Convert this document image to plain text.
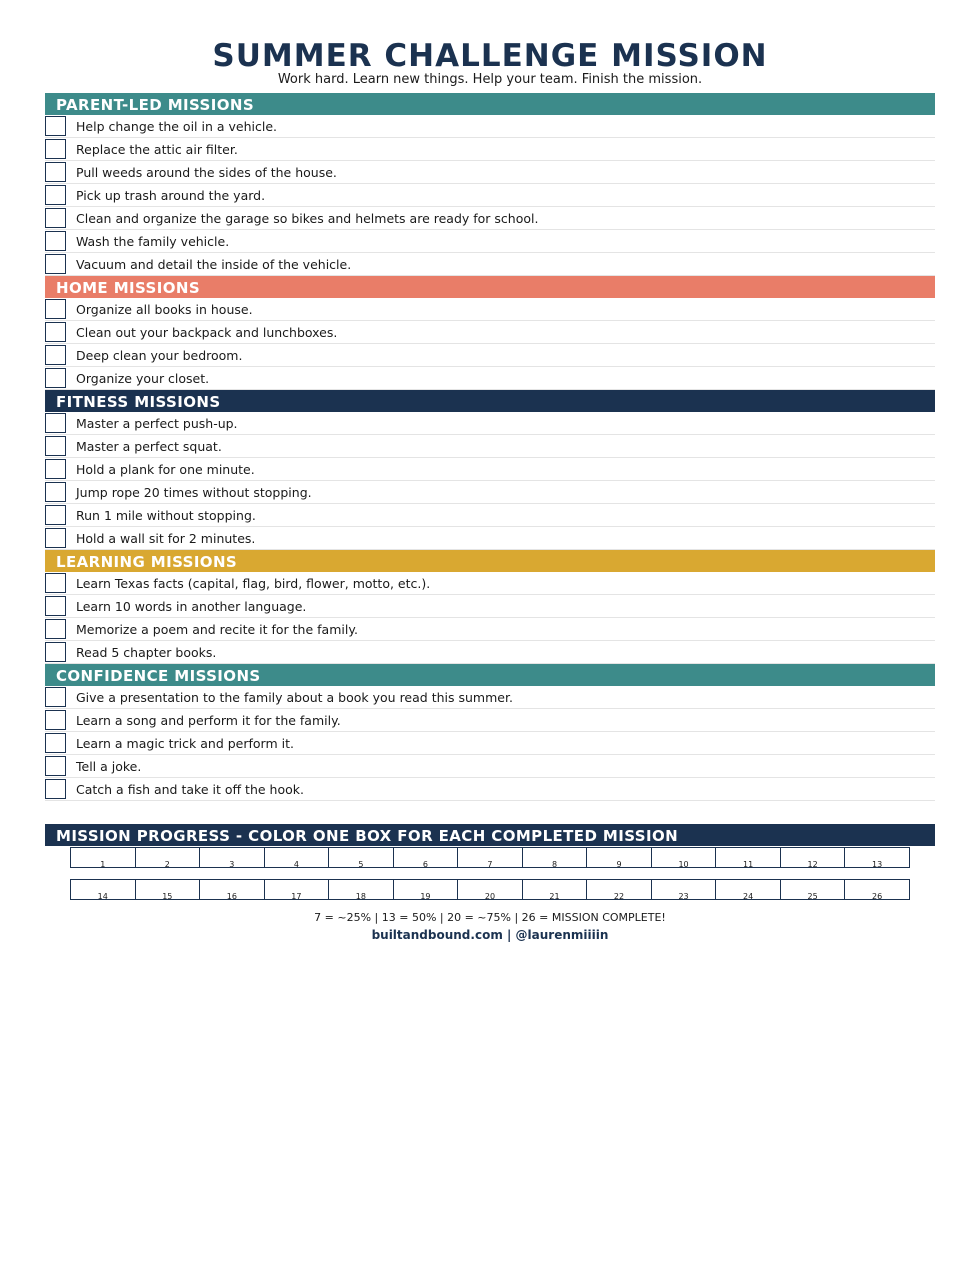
SUMMER CHALLENGE MISSION
Work hard. Learn new things. Help your team. Finish the mission.
PARENT-LED MISSIONS
Help change the oil in a vehicle.
Replace the attic air filter.
Pull weeds around the sides of the house.
Pick up trash around the yard.
Clean and organize the garage so bikes and helmets are ready for school.
Wash the family vehicle.
Vacuum and detail the inside of the vehicle.
HOME MISSIONS
Organize all books in house.
Clean out your backpack and lunchboxes.
Deep clean your bedroom.
Organize your closet.
FITNESS MISSIONS
Master a perfect push-up.
Master a perfect squat.
Hold a plank for one minute.
Jump rope 20 times without stopping.
Run 1 mile without stopping.
Hold a wall sit for 2 minutes.
LEARNING MISSIONS
Learn Texas facts (capital, flag, bird, flower, motto, etc.).
Learn 10 words in another language.
Memorize a poem and recite it for the family.
Read 5 chapter books.
CONFIDENCE MISSIONS
Give a presentation to the family about a book you read this summer.
Learn a song and perform it for the family.
Learn a magic trick and perform it.
Tell a joke.
Catch a fish and take it off the hook.
MISSION PROGRESS - COLOR ONE BOX FOR EACH COMPLETED MISSION
1	2	3	4	5	6	7	8	9	10	11	12	13
14	15	16	17	18	19	20	21	22	23	24	25	26
7 = ~25% | 13 = 50% | 20 = ~75% | 26 = MISSION COMPLETE!
builtandbound.com | @laurenmiiiin
